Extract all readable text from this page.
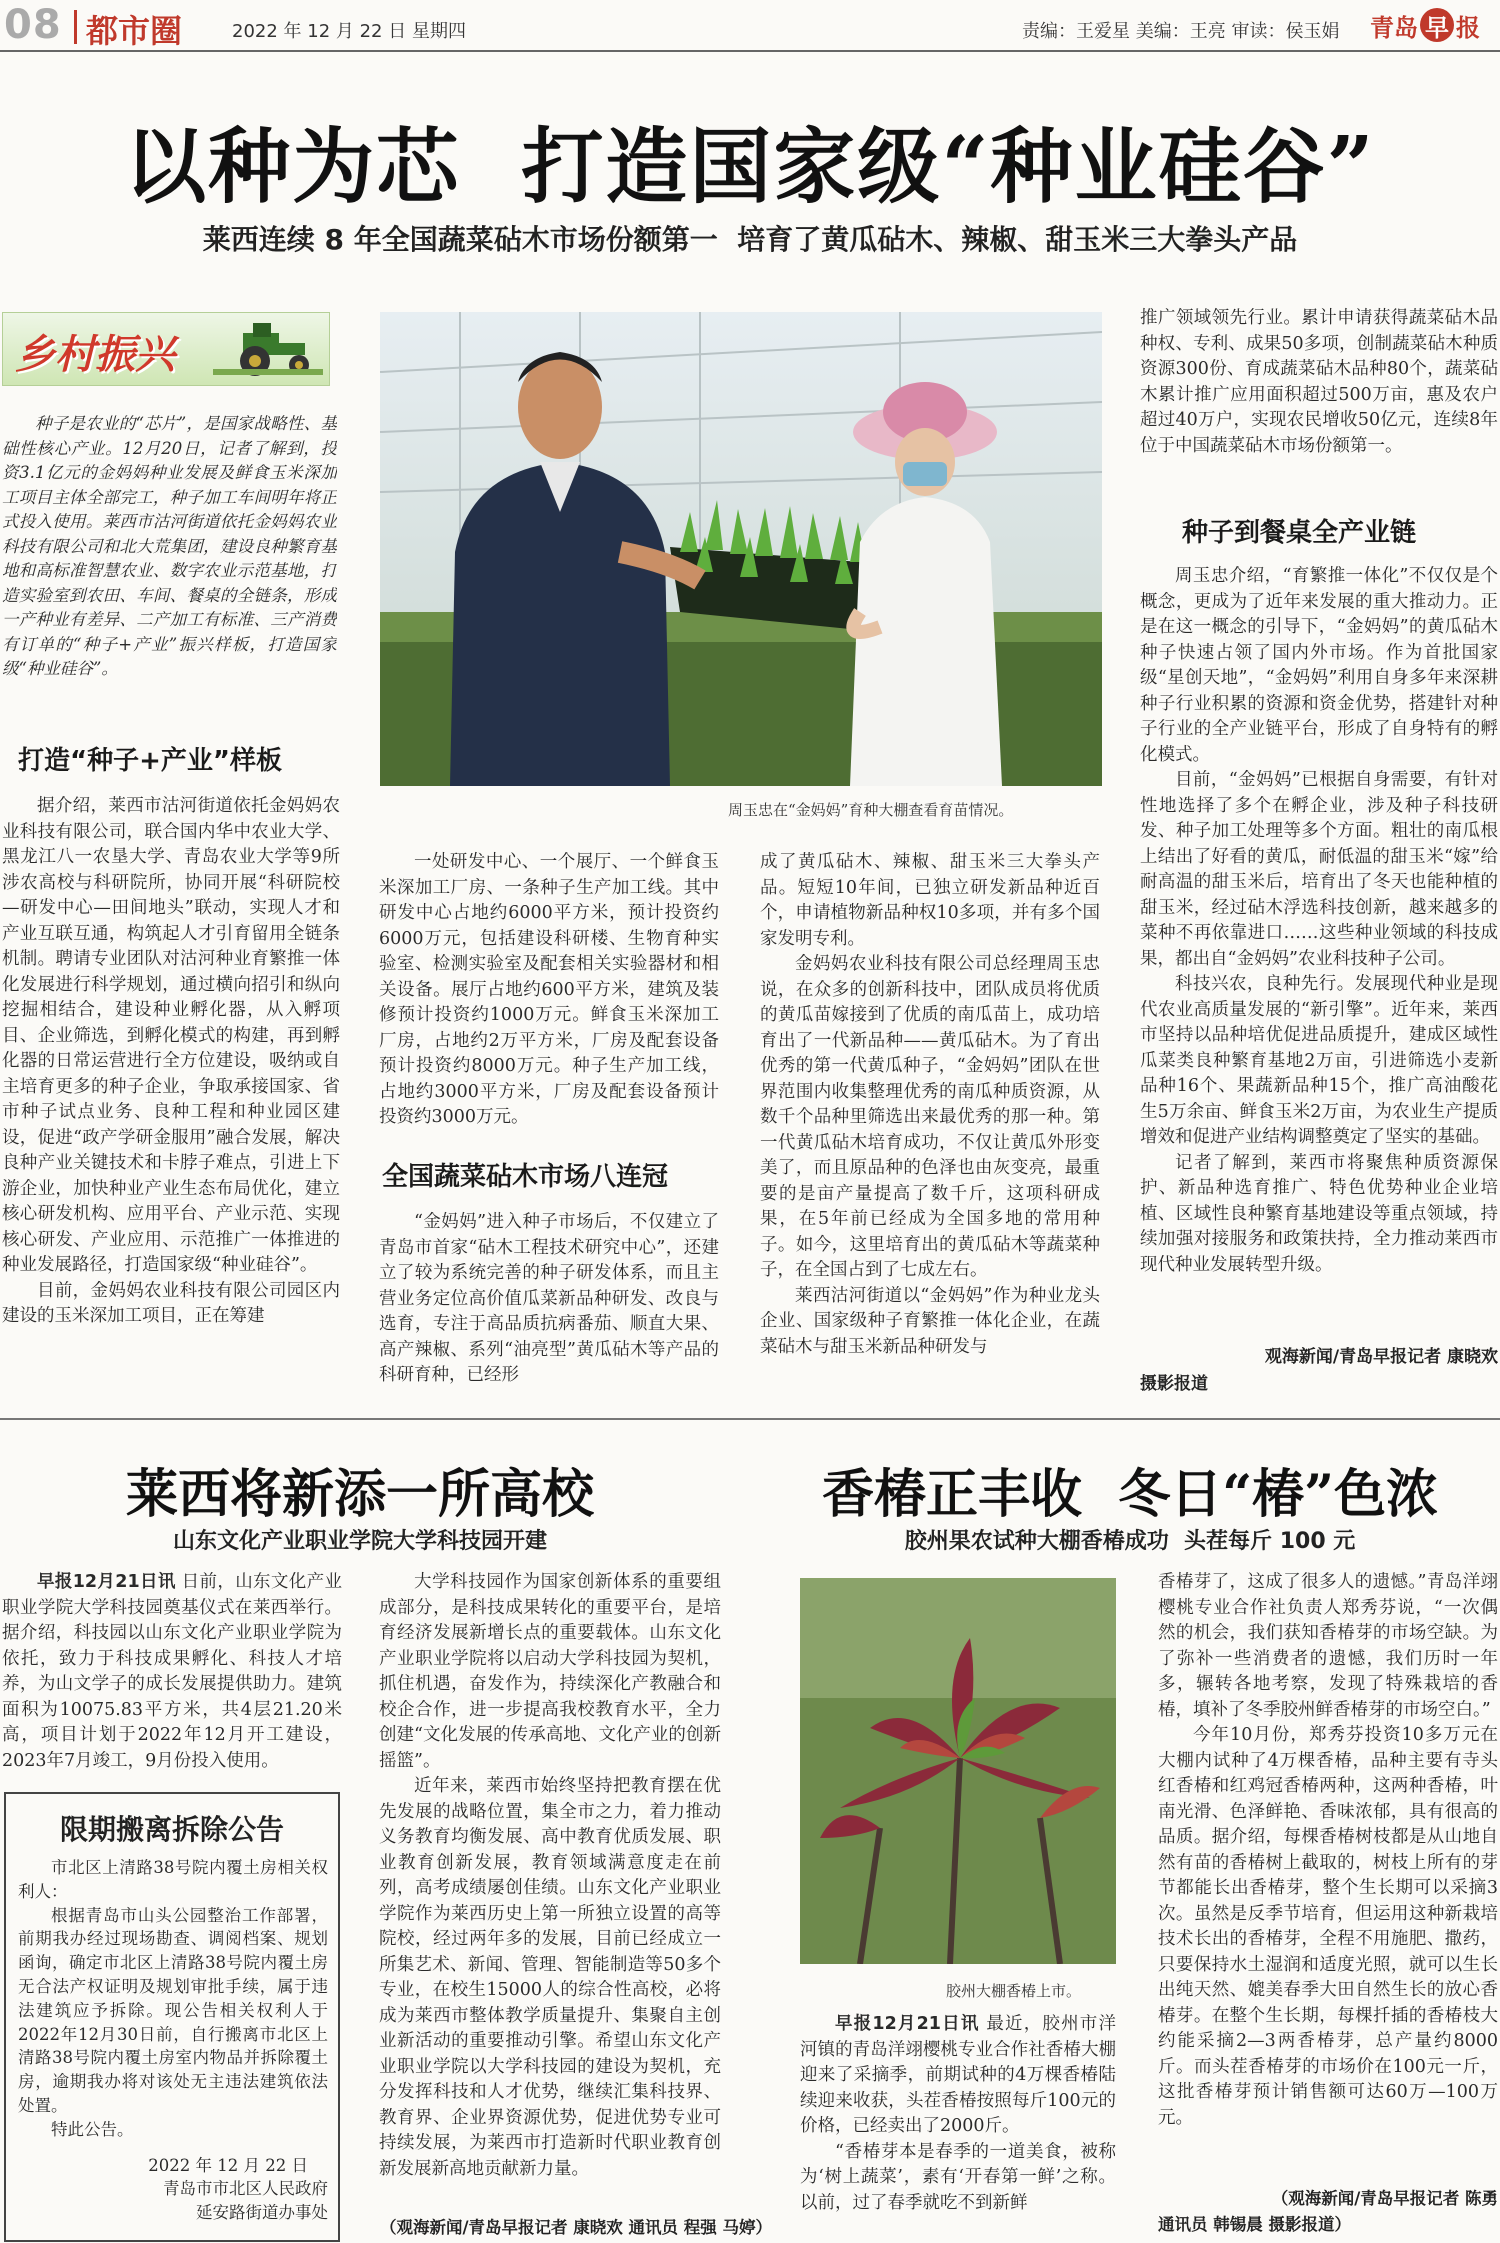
08 都市圈	2022 年 12 月 22 日 星期四	责编：王爱星 美编：王亮 审读：侯玉娟 青岛 早 报
以种为芯  打造国家级“种业硅谷”
莱西连续 8 年全国蔬菜砧木市场份额第一  培育了黄瓜砧木、辣椒、甜玉米三大拳头产品
乡村振兴

种子是农业的“芯片”，是国家战略性、基础性核心产业。12月20日，记者了解到，投资3.1亿元的金妈妈种业发展及鲜食玉米深加工项目主体全部完工，种子加工车间明年将正式投入使用。莱西市沽河街道依托金妈妈农业科技有限公司和北大荒集团，建设良种繁育基地和高标准智慧农业、数字农业示范基地，打造实验室到农田、车间、餐桌的全链条，形成一产种业有差异、二产加工有标准、三产消费有订单的“种子+产业”振兴样板，打造国家级“种业硅谷”。

打造“种子+产业”样板

据介绍，莱西市沽河街道依托金妈妈农业科技有限公司，联合国内华中农业大学、黑龙江八一农垦大学、青岛农业大学等9所涉农高校与科研院所，协同开展“科研院校—研发中心—田间地头”联动，实现人才和产业互联互通，构筑起人才引育留用全链条机制。聘请专业团队对沽河种业育繁推一体化发展进行科学规划，通过横向招引和纵向挖掘相结合，建设种业孵化器，从入孵项目、企业筛选，到孵化模式的构建，再到孵化器的日常运营进行全方位建设，吸纳或自主培育更多的种子企业，争取承接国家、省市种子试点业务、良种工程和种业园区建设，促进“政产学研金服用”融合发展，解决良种产业关键技术和卡脖子难点，引进上下游企业，加快种业产业生态布局优化，建立核心研发机构、应用平台、产业示范、实现核心研发、产业应用、示范推广一体推进的种业发展路径，打造国家级“种业硅谷”。

目前，金妈妈农业科技有限公司园区内建设的玉米深加工项目，正在筹建

周玉忠在“金妈妈”育种大棚查看育苗情况。

一处研发中心、一个展厅、一个鲜食玉米深加工厂房、一条种子生产加工线。其中研发中心占地约6000平方米，预计投资约6000万元，包括建设科研楼、生物育种实验室、检测实验室及配套相关实验器材和相关设备。展厅占地约600平方米，建筑及装修预计投资约1000万元。鲜食玉米深加工厂房，占地约2万平方米，厂房及配套设备预计投资约8000万元。种子生产加工线，占地约3000平方米，厂房及配套设备预计投资约3000万元。

全国蔬菜砧木市场八连冠

“金妈妈”进入种子市场后，不仅建立了青岛市首家“砧木工程技术研究中心”，还建立了较为系统完善的种子研发体系，而且主营业务定位高价值瓜菜新品种研发、改良与选育，专注于高品质抗病番茄、顺直大果、高产辣椒、系列“油亮型”黄瓜砧木等产品的科研育种，已经形

成了黄瓜砧木、辣椒、甜玉米三大拳头产品。短短10年间，已独立研发新品种近百个，申请植物新品种权10多项，并有多个国家发明专利。

金妈妈农业科技有限公司总经理周玉忠说，在众多的创新科技中，团队成员将优质的黄瓜苗嫁接到了优质的南瓜苗上，成功培育出了一代新品种——黄瓜砧木。为了育出优秀的第一代黄瓜种子，“金妈妈”团队在世界范围内收集整理优秀的南瓜种质资源，从数千个品种里筛选出来最优秀的那一种。第一代黄瓜砧木培育成功，不仅让黄瓜外形变美了，而且原品种的色泽也由灰变亮，最重要的是亩产量提高了数千斤，这项科研成果，在5年前已经成为全国多地的常用种子。如今，这里培育出的黄瓜砧木等蔬菜种子，在全国占到了七成左右。

莱西沽河街道以“金妈妈”作为种业龙头企业、国家级种子育繁推一体化企业，在蔬菜砧木与甜玉米新品种研发与

推广领域领先行业。累计申请获得蔬菜砧木品种权、专利、成果50多项，创制蔬菜砧木种质资源300份、育成蔬菜砧木品种80个，蔬菜砧木累计推广应用面积超过500万亩，惠及农户超过40万户，实现农民增收50亿元，连续8年位于中国蔬菜砧木市场份额第一。

种子到餐桌全产业链

周玉忠介绍，“育繁推一体化”不仅仅是个概念，更成为了近年来发展的重大推动力。正是在这一概念的引导下，“金妈妈”的黄瓜砧木种子快速占领了国内外市场。作为首批国家级“星创天地”，“金妈妈”利用自身多年来深耕种子行业积累的资源和资金优势，搭建针对种子行业的全产业链平台，形成了自身特有的孵化模式。

目前，“金妈妈”已根据自身需要，有针对性地选择了多个在孵企业，涉及种子科技研发、种子加工处理等多个方面。粗壮的南瓜根上结出了好看的黄瓜，耐低温的甜玉米“嫁”给耐高温的甜玉米后，培育出了冬天也能种植的甜玉米，经过砧木浮选科技创新，越来越多的菜种不再依靠进口……这些种业领域的科技成果，都出自“金妈妈”农业科技种子公司。

科技兴农，良种先行。发展现代种业是现代农业高质量发展的“新引擎”。近年来，莱西市坚持以品种培优促进品质提升，建成区域性瓜菜类良种繁育基地2万亩，引进筛选小麦新品种16个、果蔬新品种15个，推广高油酸花生5万余亩、鲜食玉米2万亩，为农业生产提质增效和促进产业结构调整奠定了坚实的基础。

记者了解到，莱西市将聚焦种质资源保护、新品种选育推广、特色优势种业企业培植、区域性良种繁育基地建设等重点领域，持续加强对接服务和政策扶持，全力推动莱西市现代种业发展转型升级。

观海新闻/青岛早报记者 康晓欢
摄影报道
莱西将新添一所高校
山东文化产业职业学院大学科技园开建

早报12月21日讯 日前，山东文化产业职业学院大学科技园奠基仪式在莱西举行。据介绍，科技园以山东文化产业职业学院为依托，致力于科技成果孵化、科技人才培养，为山文学子的成长发展提供助力。建筑面积为10075.83平方米，共4层21.20米高，项目计划于2022年12月开工建设，2023年7月竣工，9月份投入使用。

限期搬离拆除公告

市北区上清路38号院内覆土房相关权利人：

根据青岛市山头公园整治工作部署，前期我办经过现场勘查、调阅档案、规划函询，确定市北区上清路38号院内覆土房无合法产权证明及规划审批手续，属于违法建筑应予拆除。现公告相关权利人于2022年12月30日前，自行搬离市北区上清路38号院内覆土房室内物品并拆除覆土房，逾期我办将对该处无主违法建筑依法处置。

特此公告。

2022 年 12 月 22 日
青岛市市北区人民政府
延安路街道办事处

大学科技园作为国家创新体系的重要组成部分，是科技成果转化的重要平台，是培育经济发展新增长点的重要载体。山东文化产业职业学院将以启动大学科技园为契机，抓住机遇，奋发作为，持续深化产教融合和校企合作，进一步提高我校教育水平，全力创建“文化发展的传承高地、文化产业的创新摇篮”。

近年来，莱西市始终坚持把教育摆在优先发展的战略位置，集全市之力，着力推动义务教育均衡发展、高中教育优质发展、职业教育创新发展，教育领域满意度走在前列，高考成绩屡创佳绩。山东文化产业职业学院作为莱西历史上第一所独立设置的高等院校，经过两年多的发展，目前已经成立一所集艺术、新闻、管理、智能制造等50多个专业，在校生15000人的综合性高校，必将成为莱西市整体教学质量提升、集聚自主创业新活动的重要推动引擎。希望山东文化产业职业学院以大学科技园的建设为契机，充分发挥科技和人才优势，继续汇集科技界、教育界、企业界资源优势，促进优势专业可持续发展，为莱西市打造新时代职业教育创新发展新高地贡献新力量。

（观海新闻/青岛早报记者 康晓欢 通讯员 程强 马婷）
香椿正丰收  冬日“椿”色浓
胶州果农试种大棚香椿成功  头茬每斤 100 元
胶州大棚香椿上市。

早报12月21日讯 最近，胶州市洋河镇的青岛洋翊樱桃专业合作社香椿大棚迎来了采摘季，前期试种的4万棵香椿陆续迎来收获，头茬香椿按照每斤100元的价格，已经卖出了2000斤。

“香椿芽本是春季的一道美食，被称为‘树上蔬菜’，素有‘开春第一鲜’之称。以前，过了春季就吃不到新鲜

香椿芽了，这成了很多人的遗憾。”青岛洋翊樱桃专业合作社负责人郑秀芬说，“一次偶然的机会，我们获知香椿芽的市场空缺。为了弥补一些消费者的遗憾，我们历时一年多，辗转各地考察，发现了特殊栽培的香椿，填补了冬季胶州鲜香椿芽的市场空白。”

今年10月份，郑秀芬投资10多万元在大棚内试种了4万棵香椿，品种主要有寺头红香椿和红鸡冠香椿两种，这两种香椿，叶南光滑、色泽鲜艳、香味浓郁，具有很高的品质。据介绍，每棵香椿树枝都是从山地自然有苗的香椿树上截取的，树枝上所有的芽节都能长出香椿芽，整个生长期可以采摘3次。虽然是反季节培育，但运用这种新栽培技术长出的香椿芽，全程不用施肥、撒药，只要保持水土湿润和适度光照，就可以生长出纯天然、媲美春季大田自然生长的放心香椿芽。在整个生长期，每棵扦插的香椿枝大约能采摘2—3两香椿芽，总产量约8000斤。而头茬香椿芽的市场价在100元一斤，这批香椿芽预计销售额可达60万—100万元。

（观海新闻/青岛早报记者 陈勇
通讯员 韩锡晨 摄影报道）
